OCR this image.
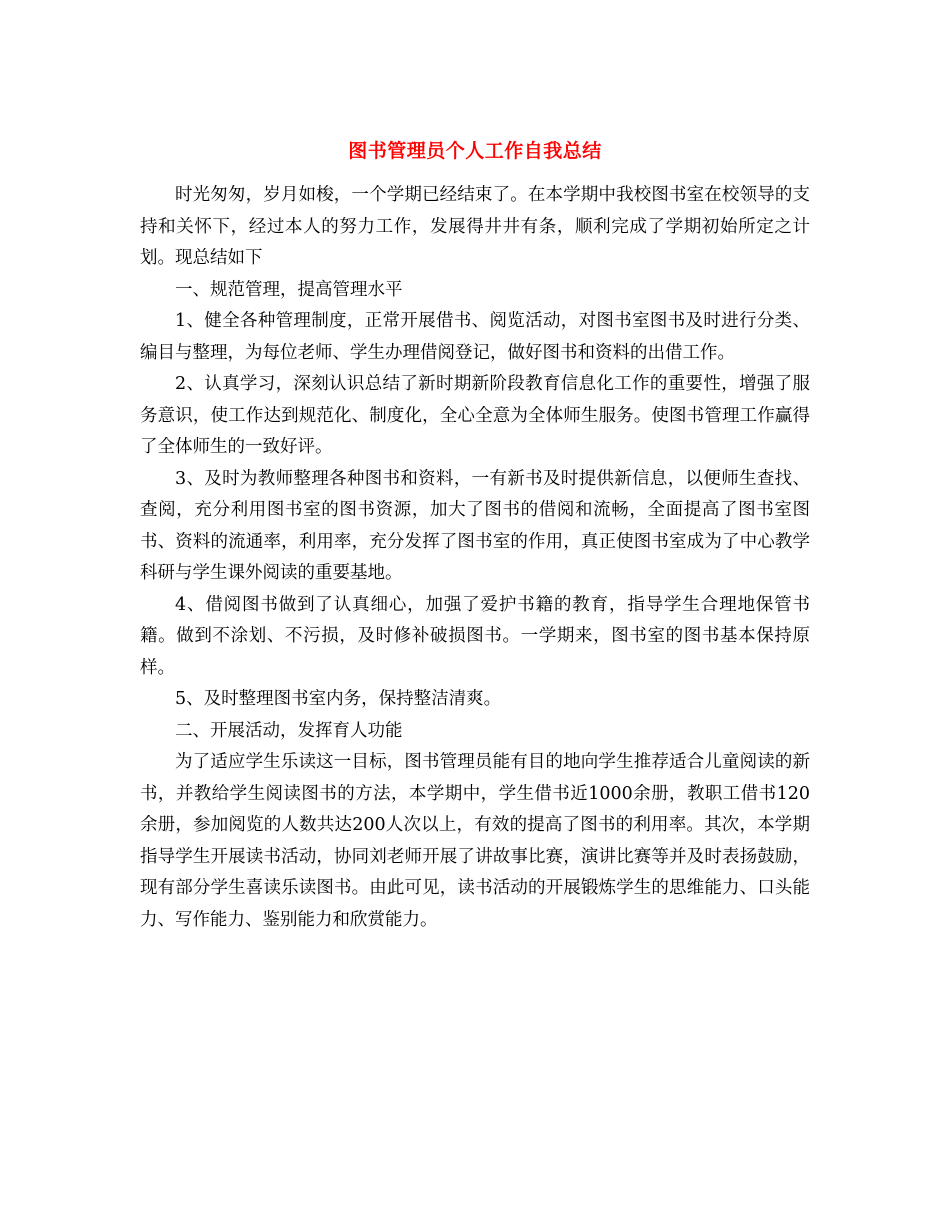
图书管理员个人工作自我总结

时光匆匆，岁月如梭，一个学期已经结束了。在本学期中我校图书室在校领导的支持和关怀下，经过本人的努力工作，发展得井井有条，顺利完成了学期初始所定之计划。现总结如下

一、规范管理，提高管理水平

1、健全各种管理制度，正常开展借书、阅览活动，对图书室图书及时进行分类、编目与整理，为每位老师、学生办理借阅登记，做好图书和资料的出借工作。

2、认真学习，深刻认识总结了新时期新阶段教育信息化工作的重要性，增强了服务意识，使工作达到规范化、制度化，全心全意为全体师生服务。使图书管理工作赢得了全体师生的一致好评。

3、及时为教师整理各种图书和资料，一有新书及时提供新信息，以便师生查找、查阅，充分利用图书室的图书资源，加大了图书的借阅和流畅，全面提高了图书室图书、资料的流通率，利用率，充分发挥了图书室的作用，真正使图书室成为了中心教学科研与学生课外阅读的重要基地。

4、借阅图书做到了认真细心，加强了爱护书籍的教育，指导学生合理地保管书籍。做到不涂划、不污损，及时修补破损图书。一学期来，图书室的图书基本保持原样。

5、及时整理图书室内务，保持整洁清爽。

二、开展活动，发挥育人功能

为了适应学生乐读这一目标，图书管理员能有目的地向学生推荐适合儿童阅读的新书，并教给学生阅读图书的方法，本学期中，学生借书近1000余册，教职工借书120余册，参加阅览的人数共达200人次以上，有效的提高了图书的利用率。其次，本学期指导学生开展读书活动，协同刘老师开展了讲故事比赛，演讲比赛等并及时表扬鼓励，现有部分学生喜读乐读图书。由此可见，读书活动的开展锻炼学生的思维能力、口头能力、写作能力、鉴别能力和欣赏能力。
